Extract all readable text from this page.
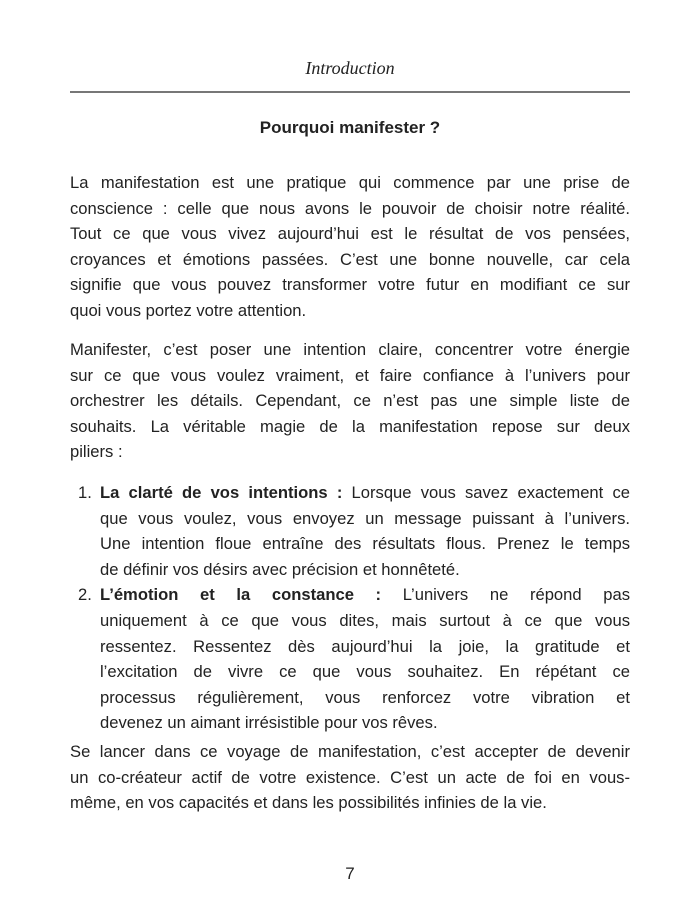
Introduction
Pourquoi manifester ?
La manifestation est une pratique qui commence par une prise de
conscience : celle que nous avons le pouvoir de choisir notre réalité.
Tout ce que vous vivez aujourd’hui est le résultat de vos pensées,
croyances et émotions passées. C’est une bonne nouvelle, car cela
signifie que vous pouvez transformer votre futur en modifiant ce sur
quoi vous portez votre attention.
Manifester, c’est poser une intention claire, concentrer votre énergie
sur ce que vous voulez vraiment, et faire confiance à l’univers pour
orchestrer les détails. Cependant, ce n’est pas une simple liste de
souhaits. La véritable magie de la manifestation repose sur deux
piliers :
1. La clarté de vos intentions : Lorsque vous savez exactement ce
que vous voulez, vous envoyez un message puissant à l’univers.
Une intention floue entraîne des résultats flous. Prenez le temps
de définir vos désirs avec précision et honnêteté.
2. L’émotion et la constance : L’univers ne répond pas
uniquement à ce que vous dites, mais surtout à ce que vous
ressentez. Ressentez dès aujourd’hui la joie, la gratitude et
l’excitation de vivre ce que vous souhaitez. En répétant ce
processus régulièrement, vous renforcez votre vibration et
devenez un aimant irrésistible pour vos rêves.
Se lancer dans ce voyage de manifestation, c’est accepter de devenir
un co-créateur actif de votre existence. C’est un acte de foi en vous-
même, en vos capacités et dans les possibilités infinies de la vie.
7
